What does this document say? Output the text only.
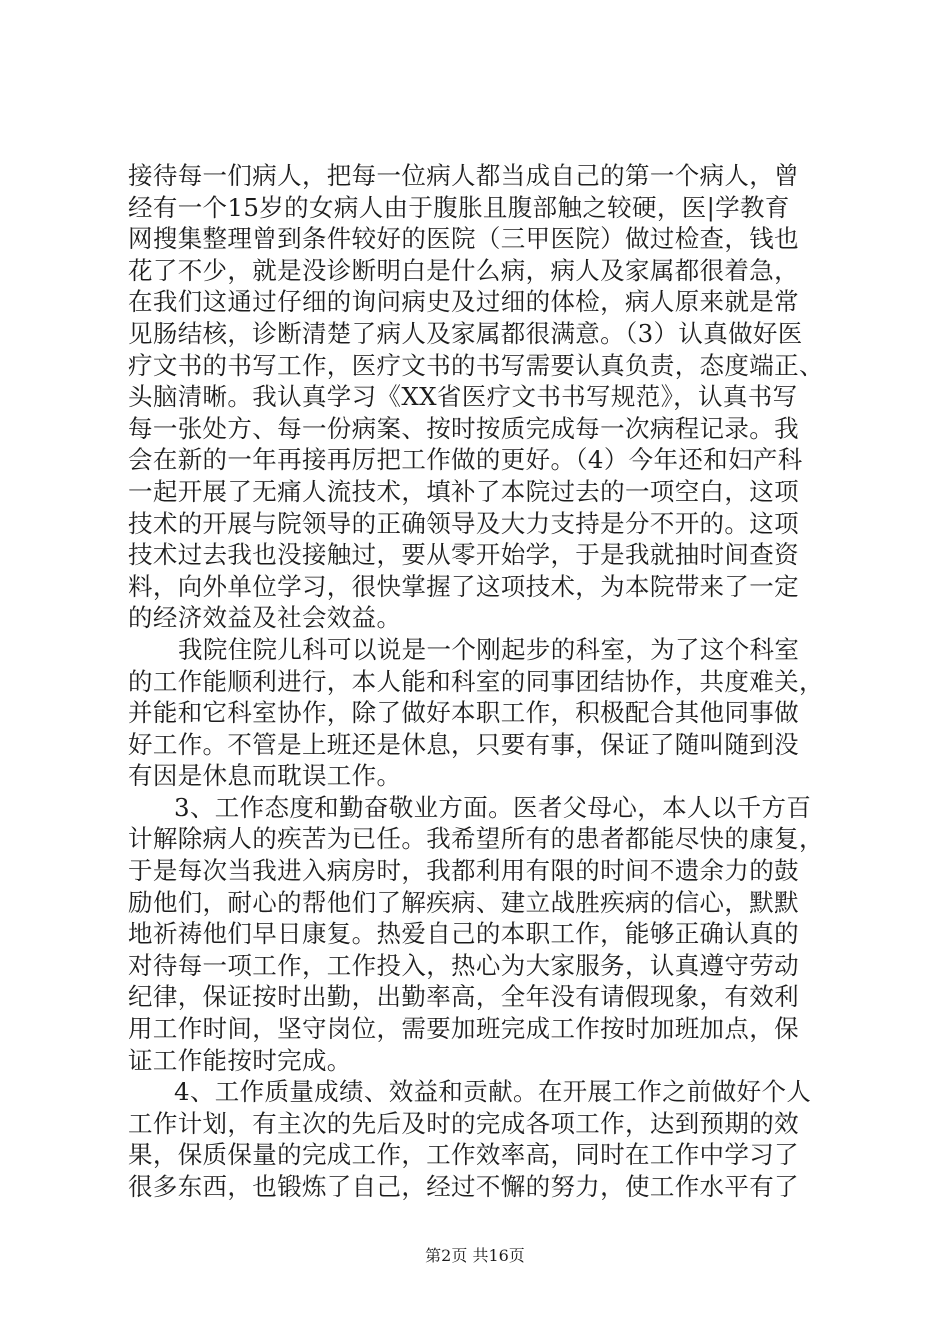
接待每一们病人，把每一位病人都当成自己的第一个病人，曾
经有一个15岁的女病人由于腹胀且腹部触之较硬，医|学教育
网搜集整理曾到条件较好的医院（三甲医院）做过检查，钱也
花了不少，就是没诊断明白是什么病，病人及家属都很着急，
在我们这通过仔细的询问病史及过细的体检，病人原来就是常
见肠结核，诊断清楚了病人及家属都很满意。（3）认真做好医
疗文书的书写工作，医疗文书的书写需要认真负责，态度端正、
头脑清晰。我认真学习《XX省医疗文书书写规范》，认真书写
每一张处方、每一份病案、按时按质完成每一次病程记录。我
会在新的一年再接再厉把工作做的更好。（4）今年还和妇产科
一起开展了无痛人流技术，填补了本院过去的一项空白，这项
技术的开展与院领导的正确领导及大力支持是分不开的。这项
技术过去我也没接触过，要从零开始学，于是我就抽时间查资
料，向外单位学习，很快掌握了这项技术，为本院带来了一定
的经济效益及社会效益。
我院住院儿科可以说是一个刚起步的科室，为了这个科室
的工作能顺利进行，本人能和科室的同事团结协作，共度难关，
并能和它科室协作，除了做好本职工作，积极配合其他同事做
好工作。不管是上班还是休息，只要有事，保证了随叫随到没
有因是休息而耽误工作。
3、工作态度和勤奋敬业方面。医者父母心，本人以千方百
计解除病人的疾苦为已任。我希望所有的患者都能尽快的康复，
于是每次当我进入病房时，我都利用有限的时间不遗余力的鼓
励他们，耐心的帮他们了解疾病、建立战胜疾病的信心，默默
地祈祷他们早日康复。热爱自己的本职工作，能够正确认真的
对待每一项工作，工作投入，热心为大家服务，认真遵守劳动
纪律，保证按时出勤，出勤率高，全年没有请假现象，有效利
用工作时间，坚守岗位，需要加班完成工作按时加班加点，保
证工作能按时完成。
4、工作质量成绩、效益和贡献。在开展工作之前做好个人
工作计划，有主次的先后及时的完成各项工作，达到预期的效
果，保质保量的完成工作，工作效率高，同时在工作中学习了
很多东西，也锻炼了自己，经过不懈的努力，使工作水平有了
第2页 共16页
